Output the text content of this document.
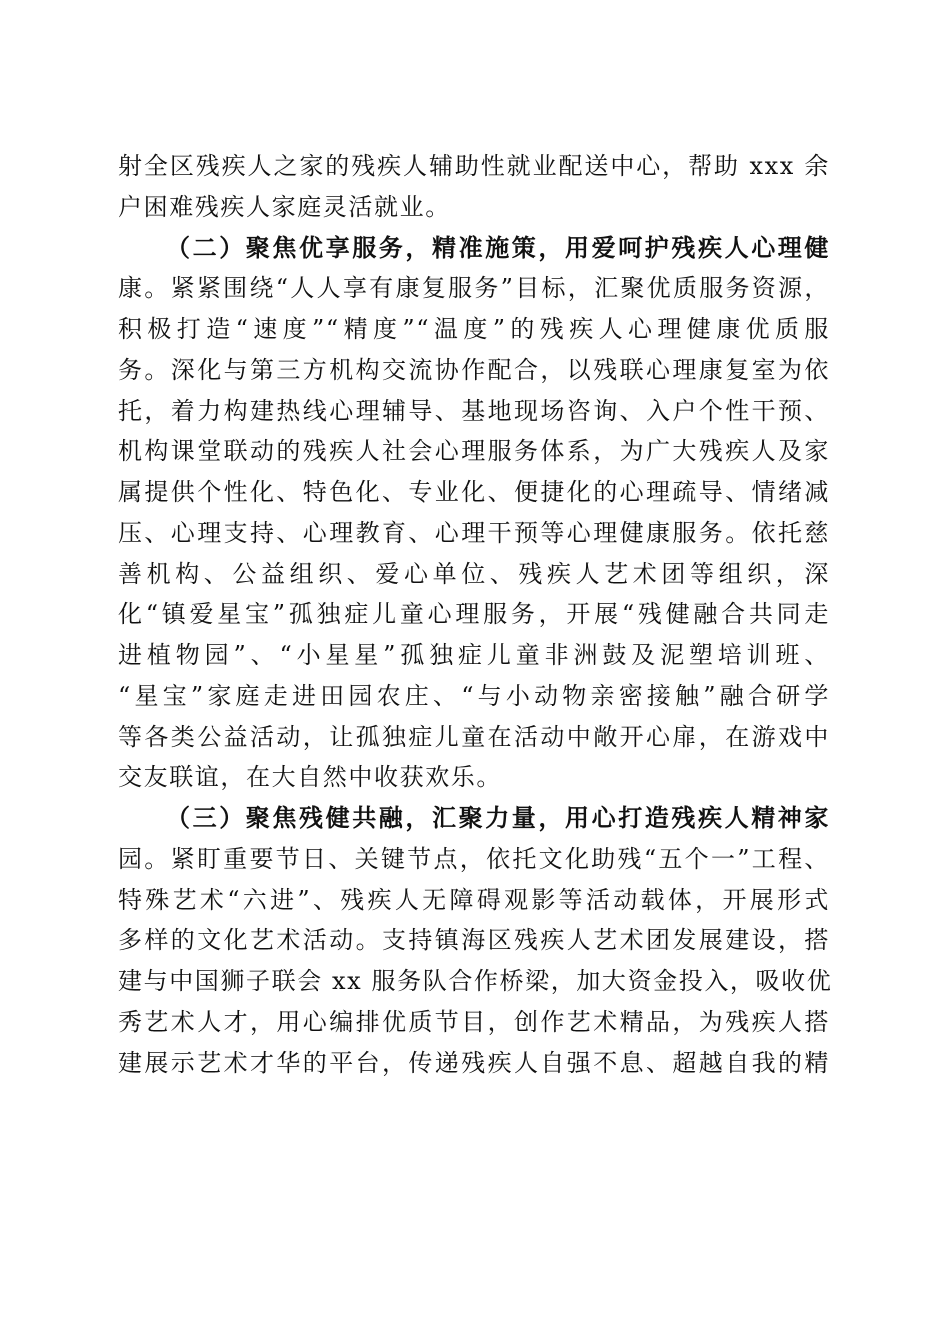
射全区残疾人之家的残疾人辅助性就业配送中心，帮助 xxx 余
户困难残疾人家庭灵活就业。
（二）聚焦优享服务，精准施策，用爱呵护残疾人心理健
康。紧紧围绕“人人享有康复服务”目标，汇聚优质服务资源，
积极打造“速度”“精度”“温度”的残疾人心理健康优质服
务。深化与第三方机构交流协作配合，以残联心理康复室为依
托，着力构建热线心理辅导、基地现场咨询、入户个性干预、
机构课堂联动的残疾人社会心理服务体系，为广大残疾人及家
属提供个性化、特色化、专业化、便捷化的心理疏导、情绪减
压、心理支持、心理教育、心理干预等心理健康服务。依托慈
善机构、公益组织、爱心单位、残疾人艺术团等组织，深
化“镇爱星宝”孤独症儿童心理服务，开展“残健融合共同走
进植物园”、“小星星”孤独症儿童非洲鼓及泥塑培训班、
“星宝”家庭走进田园农庄、“与小动物亲密接触”融合研学
等各类公益活动，让孤独症儿童在活动中敞开心扉，在游戏中
交友联谊，在大自然中收获欢乐。
（三）聚焦残健共融，汇聚力量，用心打造残疾人精神家
园。紧盯重要节日、关键节点，依托文化助残“五个一”工程、
特殊艺术“六进”、残疾人无障碍观影等活动载体，开展形式
多样的文化艺术活动。支持镇海区残疾人艺术团发展建设，搭
建与中国狮子联会 xx 服务队合作桥梁，加大资金投入，吸收优
秀艺术人才，用心编排优质节目，创作艺术精品，为残疾人搭
建展示艺术才华的平台，传递残疾人自强不息、超越自我的精
